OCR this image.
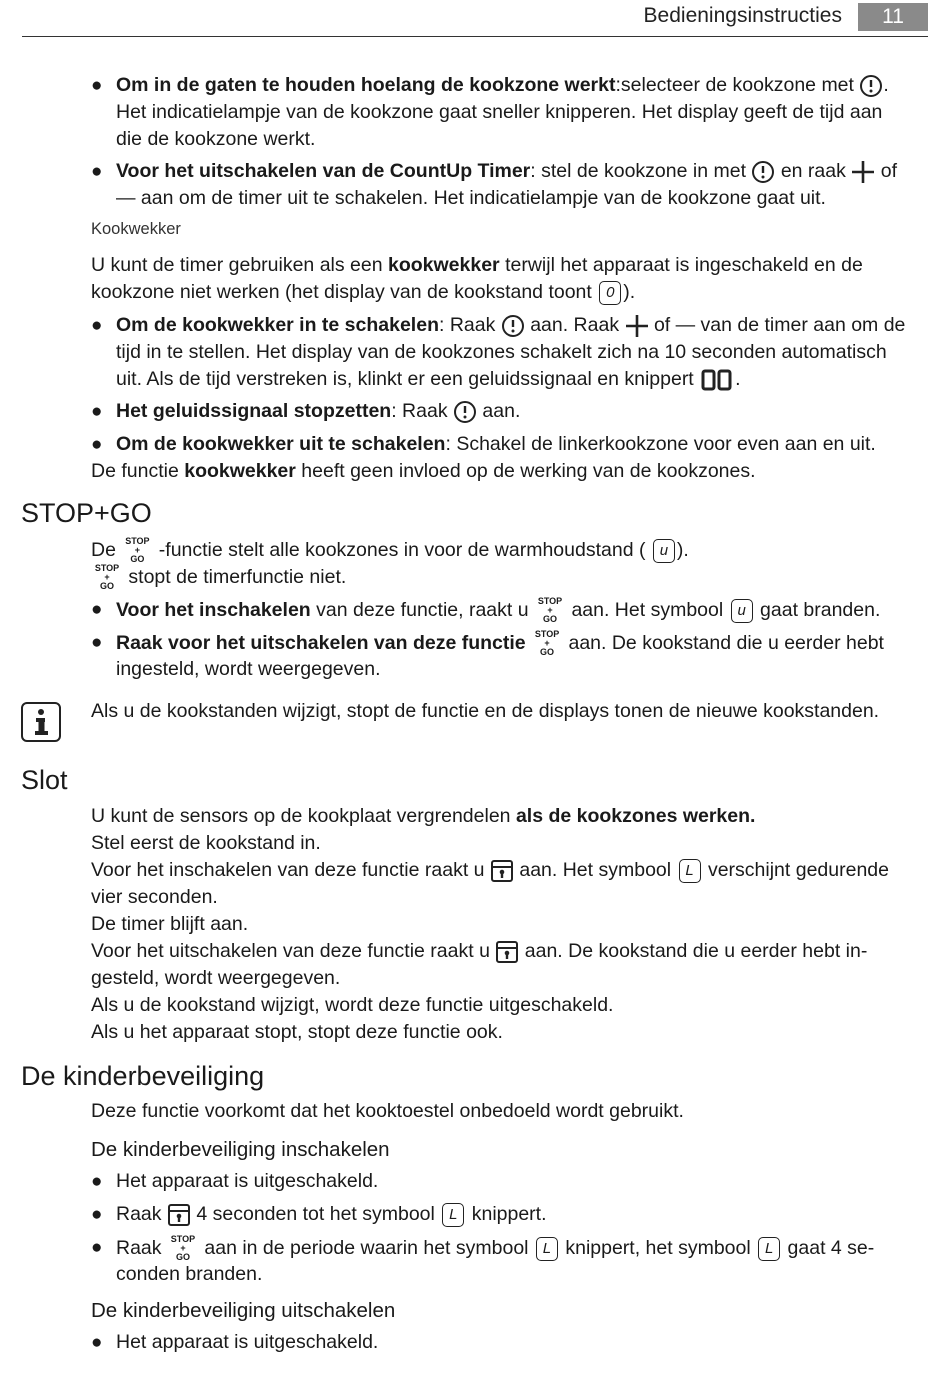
Bedieningsinstructies	11
● Om in de gaten te houden hoelang de kookzone werkt:selecteer de kookzone met .
Het indicatielampje van de kookzone gaat sneller knipperen. Het display geeft de tijd aan
die de kookzone werkt.
● Voor het uitschakelen van de CountUp Timer: stel de kookzone in met en raak of
— aan om de timer uit te schakelen. Het indicatielampje van de kookzone gaat uit.
Kookwekker
U kunt de timer gebruiken als een kookwekker terwijl het apparaat is ingeschakeld en de
kookzone niet werken (het display van de kookstand toont 0 ).
● Om de kookwekker in te schakelen: Raak aan. Raak of — van de timer aan om de
tijd in te stellen. Het display van de kookzones schakelt zich na 10 seconden automatisch
uit. Als de tijd verstreken is, klinkt er een geluidssignaal en knippert .
● Het geluidssignaal stopzetten: Raak aan.
● Om de kookwekker uit te schakelen: Schakel de linkerkookzone voor even aan en uit.
De functie kookwekker heeft geen invloed op de werking van de kookzones.
STOP+GO
De STOP
+
GO -functie stelt alle kookzones in voor de warmhoudstand ( u ).
STOP
+
GO stopt de timerfunctie niet.
● Voor het inschakelen van deze functie, raakt u STOP
+
GO aan. Het symbool u gaat branden.
● Raak voor het uitschakelen van deze functie STOP
+
GO aan. De kookstand die u eerder hebt
ingesteld, wordt weergegeven.
Als u de kookstanden wijzigt, stopt de functie en de displays tonen de nieuwe kookstanden.
Slot
U kunt de sensors op de kookplaat vergrendelen als de kookzones werken.
Stel eerst de kookstand in.
Voor het inschakelen van deze functie raakt u aan. Het symbool L verschijnt gedurende
vier seconden.
De timer blijft aan.
Voor het uitschakelen van deze functie raakt u aan. De kookstand die u eerder hebt in-
gesteld, wordt weergegeven.
Als u de kookstand wijzigt, wordt deze functie uitgeschakeld.
Als u het apparaat stopt, stopt deze functie ook.
De kinderbeveiliging
Deze functie voorkomt dat het kooktoestel onbedoeld wordt gebruikt.
De kinderbeveiliging inschakelen
● Het apparaat is uitgeschakeld.
● Raak 4 seconden tot het symbool L knippert.
● Raak STOP
+
GO aan in de periode waarin het symbool L knippert, het symbool L gaat 4 se-
conden branden.
De kinderbeveiliging uitschakelen
● Het apparaat is uitgeschakeld.
